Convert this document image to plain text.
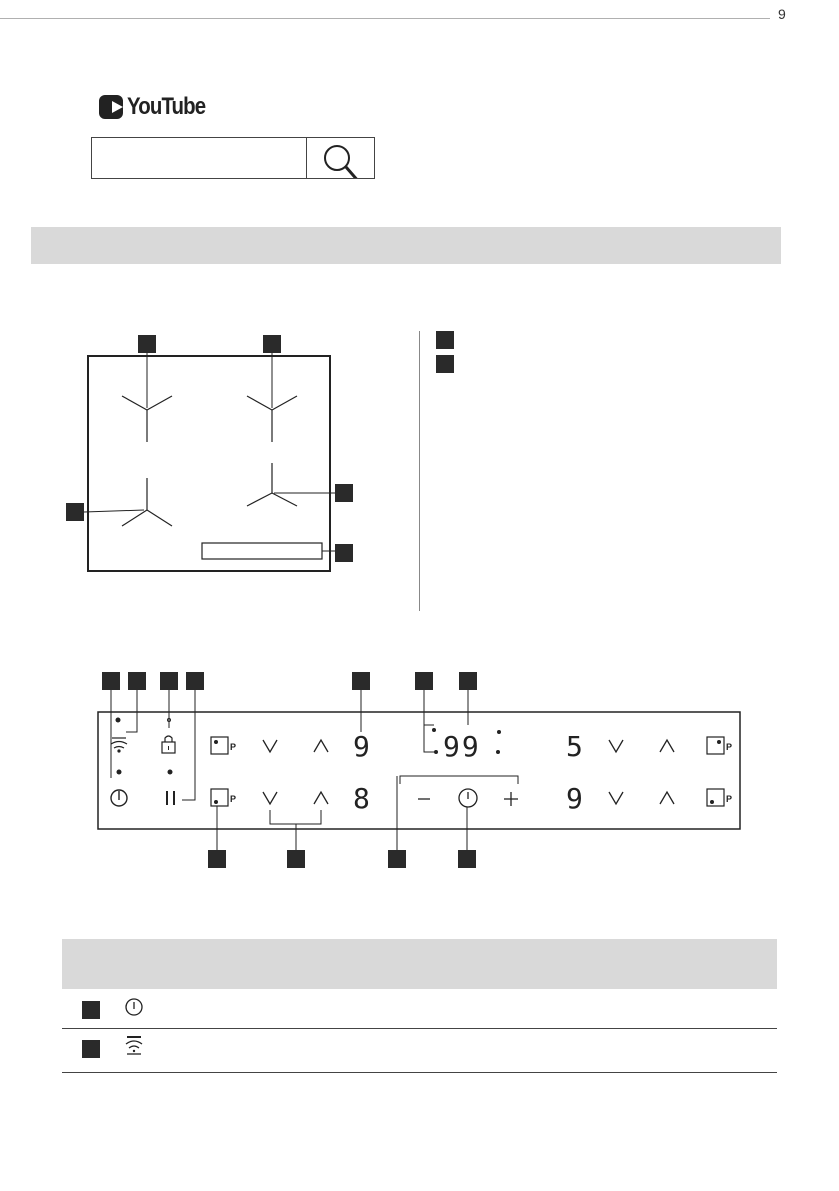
9
YouTube
P
P
P
P
9
8
99	5
9
